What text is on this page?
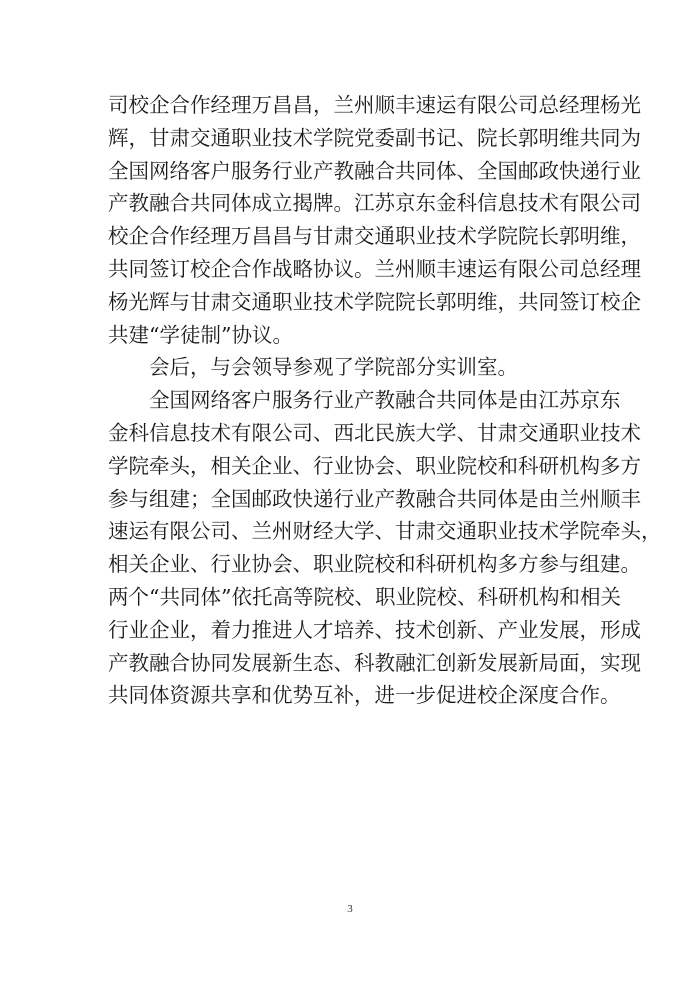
司校企合作经理万昌昌，兰州顺丰速运有限公司总经理杨光
辉，甘肃交通职业技术学院党委副书记、院长郭明维共同为
全国网络客户服务行业产教融合共同体、全国邮政快递行业
产教融合共同体成立揭牌。江苏京东金科信息技术有限公司
校企合作经理万昌昌与甘肃交通职业技术学院院长郭明维，
共同签订校企合作战略协议。兰州顺丰速运有限公司总经理
杨光辉与甘肃交通职业技术学院院长郭明维，共同签订校企
共建“学徒制”协议。
会后，与会领导参观了学院部分实训室。
全国网络客户服务行业产教融合共同体是由江苏京东
金科信息技术有限公司、西北民族大学、甘肃交通职业技术
学院牵头，相关企业、行业协会、职业院校和科研机构多方
参与组建；全国邮政快递行业产教融合共同体是由兰州顺丰
速运有限公司、兰州财经大学、甘肃交通职业技术学院牵头，
相关企业、行业协会、职业院校和科研机构多方参与组建。
两个“共同体”依托高等院校、职业院校、科研机构和相关
行业企业，着力推进人才培养、技术创新、产业发展，形成
产教融合协同发展新生态、科教融汇创新发展新局面，实现
共同体资源共享和优势互补，进一步促进校企深度合作。
3
